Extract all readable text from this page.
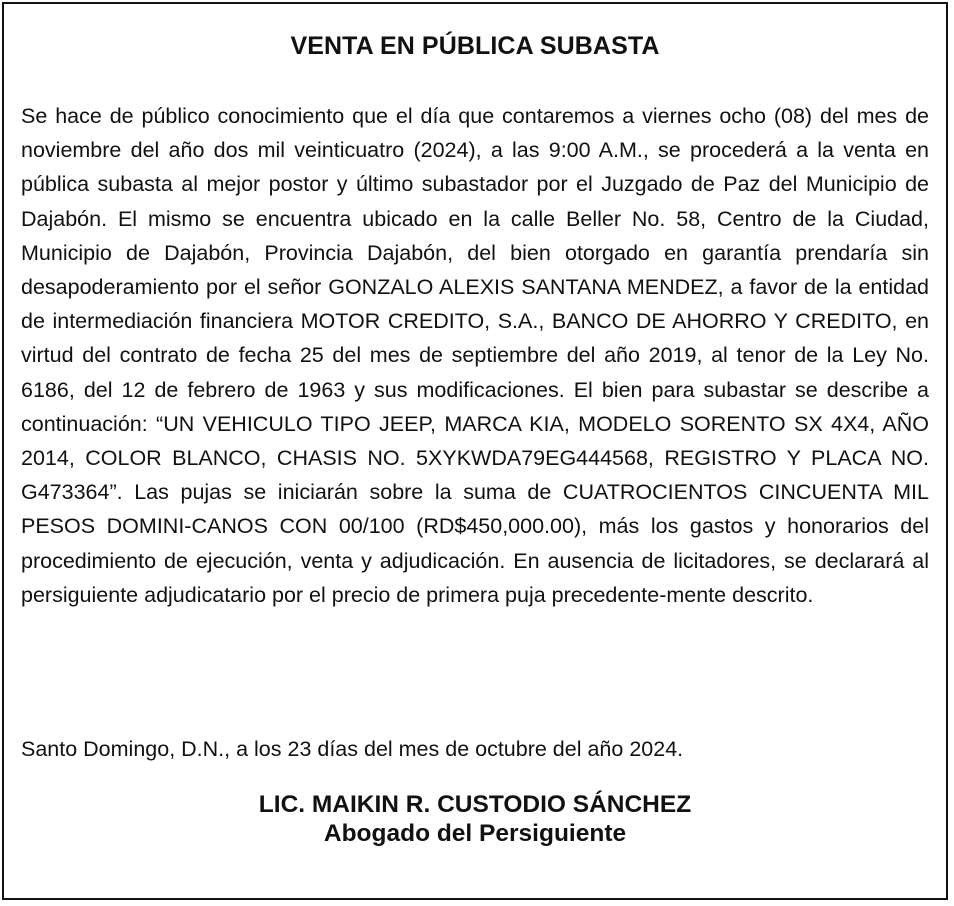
VENTA EN PÚBLICA SUBASTA

Se hace de público conocimiento que el día que contaremos a viernes ocho (08) del mes de noviembre del año dos mil veinticuatro (2024), a las 9:00 A.M., se procederá a la venta en pública subasta al mejor postor y último subastador por el Juzgado de Paz del Municipio de Dajabón. El mismo se encuentra ubicado en la calle Beller No. 58, Centro de la Ciudad, Municipio de Dajabón, Provincia Dajabón, del bien otorgado en garantía prendaría sin desapoderamiento por el señor GONZALO ALEXIS SANTANA MENDEZ, a favor de la entidad de intermediación financiera MOTOR CREDITO, S.A., BANCO DE AHORRO Y CREDITO, en virtud del contrato de fecha 25 del mes de septiembre del año 2019, al tenor de la Ley No. 6186, del 12 de febrero de 1963 y sus modificaciones. El bien para subastar se describe a continuación: “UN VEHICULO TIPO JEEP, MARCA KIA, MODELO SORENTO SX 4X4, AÑO 2014, COLOR BLANCO, CHASIS NO. 5XYKWDA79EG444568, REGISTRO Y PLACA NO. G473364”. Las pujas se iniciarán sobre la suma de CUATROCIENTOS CINCUENTA MIL PESOS DOMINI-CANOS CON 00/100 (RD$450,000.00), más los gastos y honorarios del procedimiento de ejecución, venta y adjudicación. En ausencia de licitadores, se declarará al persiguiente adjudicatario por el precio de primera puja precedente-mente descrito.

Santo Domingo, D.N., a los 23 días del mes de octubre del año 2024.

LIC. MAIKIN R. CUSTODIO SÁNCHEZ
Abogado del Persiguiente
